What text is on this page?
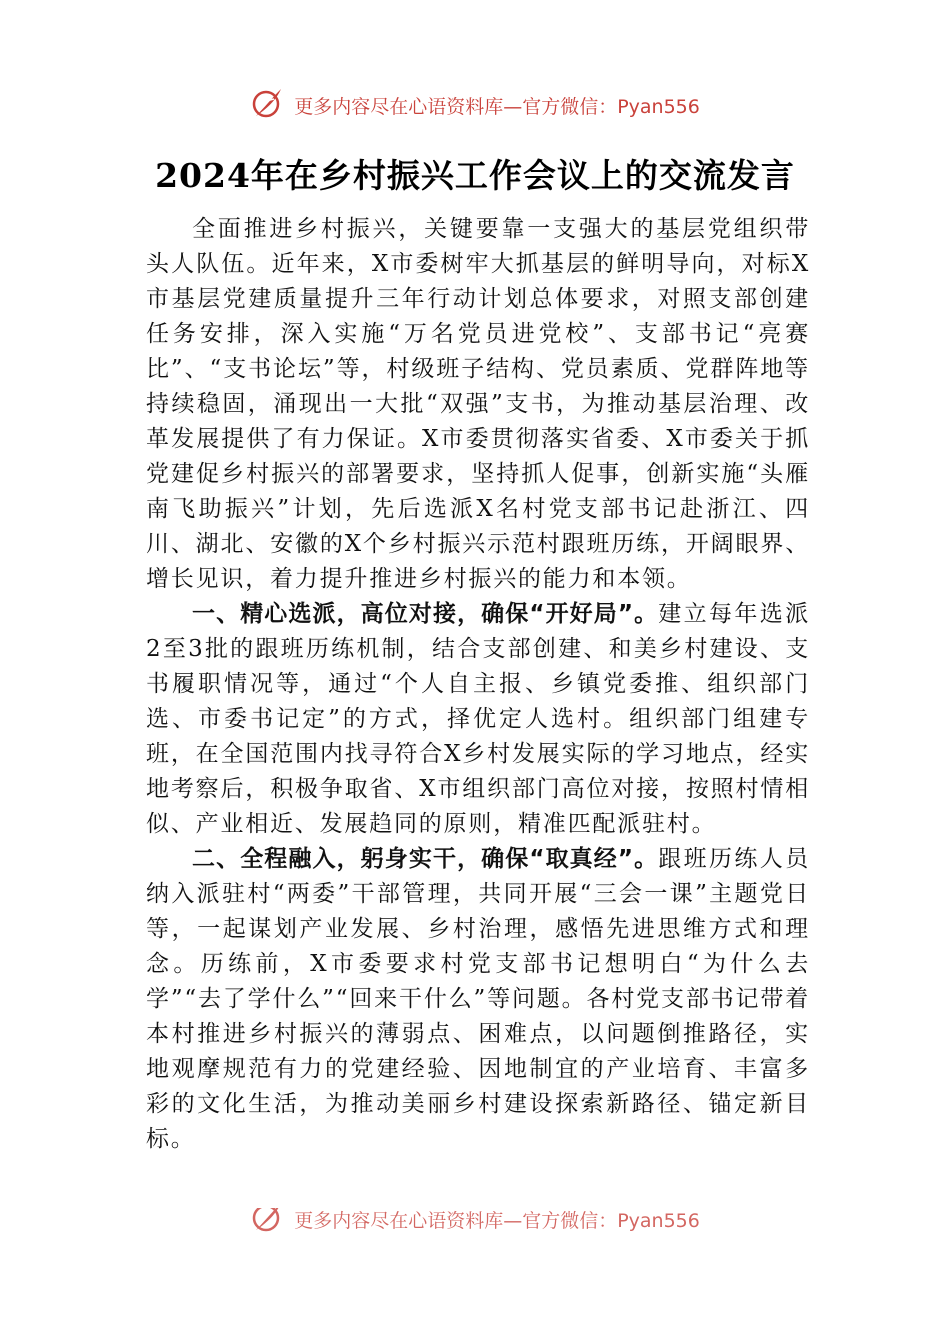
更多内容尽在心语资料库—官方微信：Pyan556
2024年在乡村振兴工作会议上的交流发言

全面推进乡村振兴，关键要靠一支强大的基层党组织带头人队伍。近年来，X市委树牢大抓基层的鲜明导向，对标X市基层党建质量提升三年行动计划总体要求，对照支部创建任务安排，深入实施“万名党员进党校”、支部书记“亮赛比”、“支书论坛”等，村级班子结构、党员素质、党群阵地等持续稳固，涌现出一大批“双强”支书，为推动基层治理、改革发展提供了有力保证。X市委贯彻落实省委、X市委关于抓党建促乡村振兴的部署要求，坚持抓人促事，创新实施“头雁南飞助振兴”计划，先后选派X名村党支部书记赴浙江、四川、湖北、安徽的X个乡村振兴示范村跟班历练，开阔眼界、增长见识，着力提升推进乡村振兴的能力和本领。

一、精心选派，高位对接，确保“开好局”。建立每年选派2至3批的跟班历练机制，结合支部创建、和美乡村建设、支书履职情况等，通过“个人自主报、乡镇党委推、组织部门选、市委书记定”的方式，择优定人选村。组织部门组建专班，在全国范围内找寻符合X乡村发展实际的学习地点，经实地考察后，积极争取省、X市组织部门高位对接，按照村情相似、产业相近、发展趋同的原则，精准匹配派驻村。

二、全程融入，躬身实干，确保“取真经”。跟班历练人员纳入派驻村“两委”干部管理，共同开展“三会一课”主题党日等，一起谋划产业发展、乡村治理，感悟先进思维方式和理念。历练前，X市委要求村党支部书记想明白“为什么去学”“去了学什么”“回来干什么”等问题。各村党支部书记带着本村推进乡村振兴的薄弱点、困难点，以问题倒推路径，实地观摩规范有力的党建经验、因地制宜的产业培育、丰富多彩的文化生活，为推动美丽乡村建设探索新路径、锚定新目标。

更多内容尽在心语资料库—官方微信：Pyan556
